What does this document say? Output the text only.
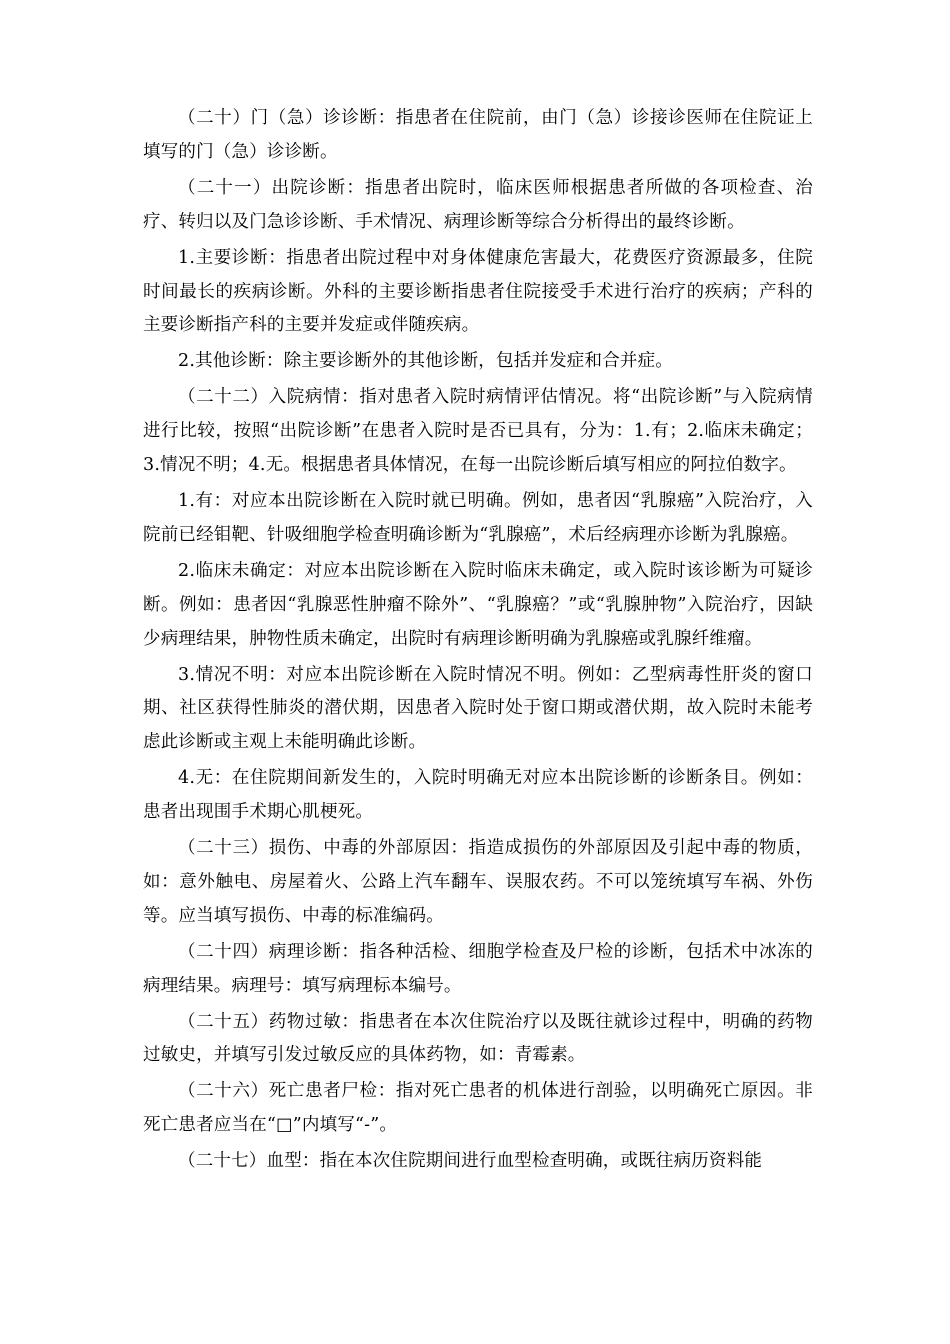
（二十）门（急）诊诊断：指患者在住院前，由门（急）诊接诊医师在住院证上填写的门（急）诊诊断。

（二十一）出院诊断：指患者出院时，临床医师根据患者所做的各项检查、治疗、转归以及门急诊诊断、手术情况、病理诊断等综合分析得出的最终诊断。

1.主要诊断：指患者出院过程中对身体健康危害最大，花费医疗资源最多，住院时间最长的疾病诊断。外科的主要诊断指患者住院接受手术进行治疗的疾病；产科的主要诊断指产科的主要并发症或伴随疾病。

2.其他诊断：除主要诊断外的其他诊断，包括并发症和合并症。

（二十二）入院病情：指对患者入院时病情评估情况。将“出院诊断”与入院病情进行比较，按照“出院诊断”在患者入院时是否已具有，分为：1.有；2.临床未确定；3.情况不明；4.无。根据患者具体情况，在每一出院诊断后填写相应的阿拉伯数字。

1.有：对应本出院诊断在入院时就已明确。例如，患者因“乳腺癌”入院治疗，入院前已经钼靶、针吸细胞学检查明确诊断为“乳腺癌”，术后经病理亦诊断为乳腺癌。

2.临床未确定：对应本出院诊断在入院时临床未确定，或入院时该诊断为可疑诊断。例如：患者因“乳腺恶性肿瘤不除外”、“乳腺癌？”或“乳腺肿物”入院治疗，因缺少病理结果，肿物性质未确定，出院时有病理诊断明确为乳腺癌或乳腺纤维瘤。

3.情况不明：对应本出院诊断在入院时情况不明。例如：乙型病毒性肝炎的窗口期、社区获得性肺炎的潜伏期，因患者入院时处于窗口期或潜伏期，故入院时未能考虑此诊断或主观上未能明确此诊断。

4.无：在住院期间新发生的，入院时明确无对应本出院诊断的诊断条目。例如：患者出现围手术期心肌梗死。

（二十三）损伤、中毒的外部原因：指造成损伤的外部原因及引起中毒的物质，如：意外触电、房屋着火、公路上汽车翻车、误服农药。不可以笼统填写车祸、外伤等。应当填写损伤、中毒的标准编码。

（二十四）病理诊断：指各种活检、细胞学检查及尸检的诊断，包括术中冰冻的病理结果。病理号：填写病理标本编号。

（二十五）药物过敏：指患者在本次住院治疗以及既往就诊过程中，明确的药物过敏史，并填写引发过敏反应的具体药物，如：青霉素。

（二十六）死亡患者尸检：指对死亡患者的机体进行剖验，以明确死亡原因。非死亡患者应当在“□”内填写“-”。

（二十七）血型：指在本次住院期间进行血型检查明确，或既往病历资料能
